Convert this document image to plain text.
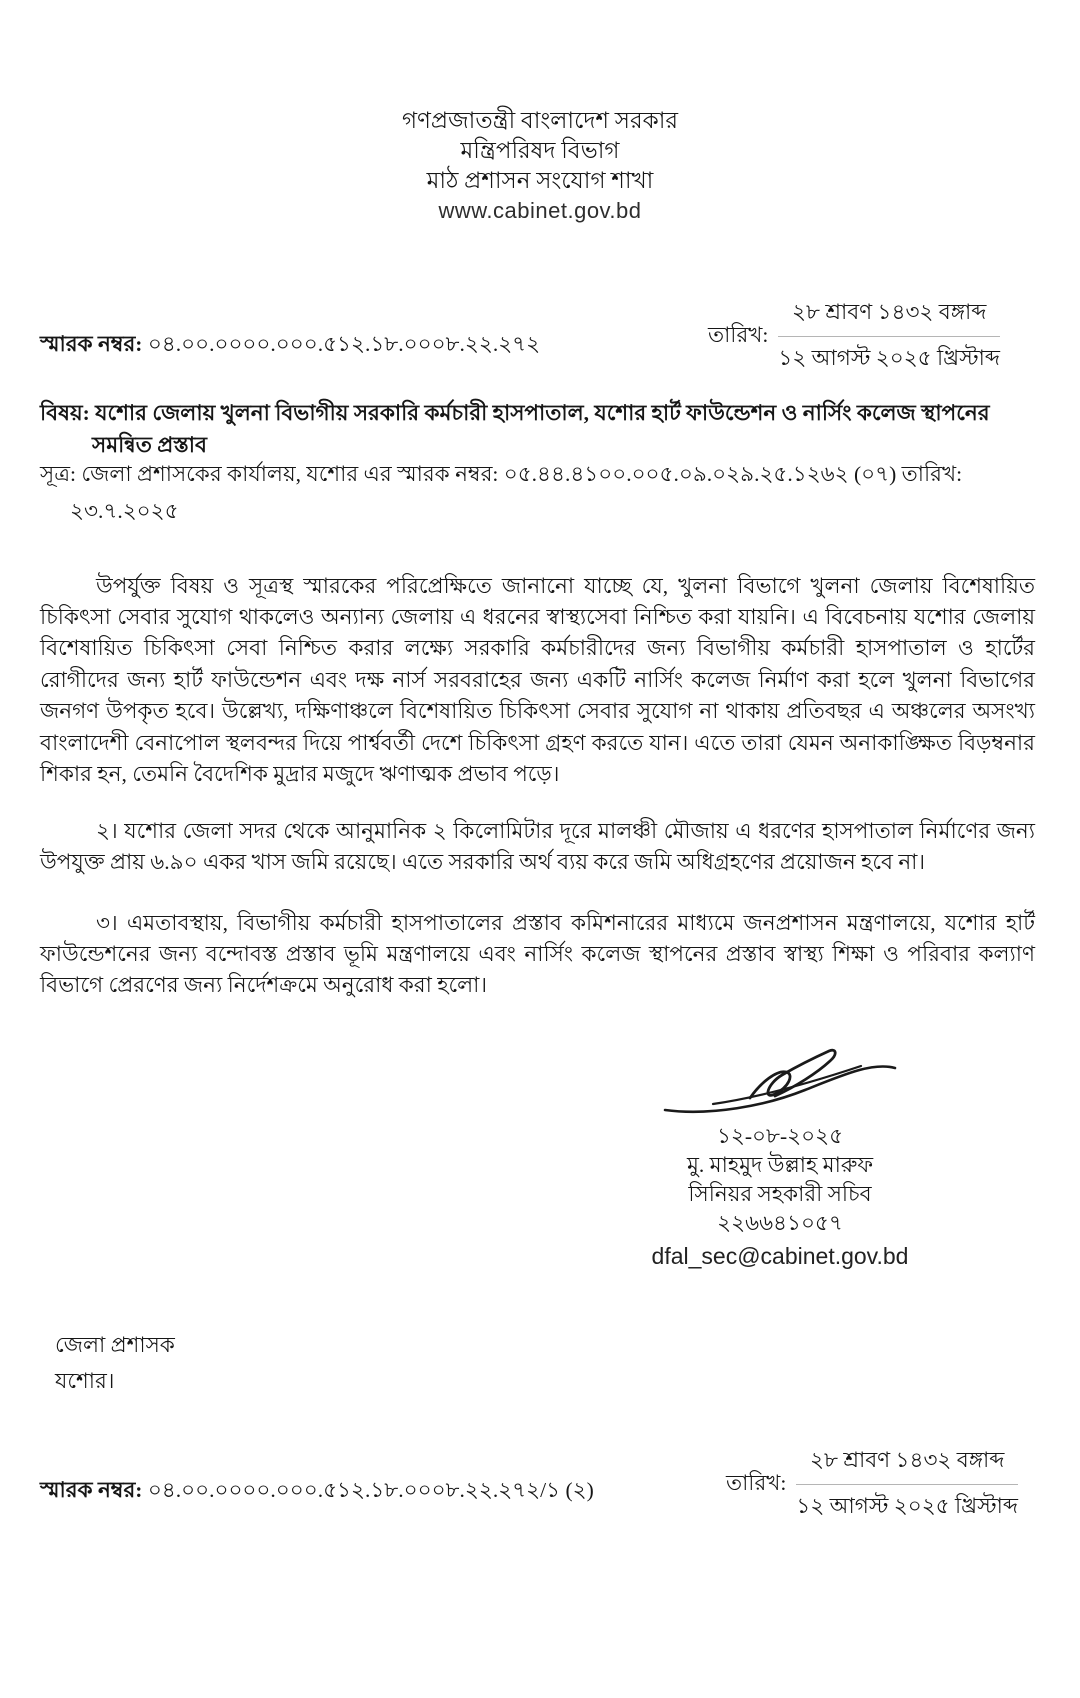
গণপ্রজাতন্ত্রী বাংলাদেশ সরকার
মন্ত্রিপরিষদ বিভাগ
মাঠ প্রশাসন সংযোগ শাখা
www.cabinet.gov.bd
তারিখ: $\frac{\text{২৮ শ্রাবণ ১৪৩২ বঙ্গাব্দ}}{\text{১২ আগস্ট ২০২৫ খ্রিস্টাব্দ}}$
স্মারক নম্বর: ০৪.০০.০০০০.০০০.৫১২.১৮.০০০৮.২২.২৭২
বিষয়: যশোর জেলায় খুলনা বিভাগীয় সরকারি কর্মচারী হাসপাতাল, যশোর হার্ট ফাউন্ডেশন ও নার্সিং কলেজ স্থাপনের সমন্বিত প্রস্তাব
সূত্র: জেলা প্রশাসকের কার্যালয়, যশোর এর স্মারক নম্বর: ০৫.৪৪.৪১০০.০০৫.০৯.০২৯.২৫.১২৬২ (০৭) তারিখ:
২৩.৭.২০২৫

উপর্যুক্ত বিষয় ও সূত্রস্থ স্মারকের পরিপ্রেক্ষিতে জানানো যাচ্ছে যে, খুলনা বিভাগে খুলনা জেলায় বিশেষায়িত চিকিৎসা সেবার সুযোগ থাকলেও অন্যান্য জেলায় এ ধরনের স্বাস্থ্যসেবা নিশ্চিত করা যায়নি। এ বিবেচনায় যশোর জেলায় বিশেষায়িত চিকিৎসা সেবা নিশ্চিত করার লক্ষ্যে সরকারি কর্মচারীদের জন্য বিভাগীয় কর্মচারী হাসপাতাল ও হার্টের রোগীদের জন্য হার্ট ফাউন্ডেশন এবং দক্ষ নার্স সরবরাহের জন্য একটি নার্সিং কলেজ নির্মাণ করা হলে খুলনা বিভাগের জনগণ উপকৃত হবে। উল্লেখ্য, দক্ষিণাঞ্চলে বিশেষায়িত চিকিৎসা সেবার সুযোগ না থাকায় প্রতিবছর এ অঞ্চলের অসংখ্য বাংলাদেশী বেনাপোল স্থলবন্দর দিয়ে পার্শ্ববর্তী দেশে চিকিৎসা গ্রহণ করতে যান। এতে তারা যেমন অনাকাঙ্ক্ষিত বিড়ম্বনার শিকার হন, তেমনি বৈদেশিক মুদ্রার মজুদে ঋণাত্মক প্রভাব পড়ে।

২। যশোর জেলা সদর থেকে আনুমানিক ২ কিলোমিটার দূরে মালঞ্চী মৌজায় এ ধরণের হাসপাতাল নির্মাণের জন্য উপযুক্ত প্রায় ৬.৯০ একর খাস জমি রয়েছে। এতে সরকারি অর্থ ব্যয় করে জমি অধিগ্রহণের প্রয়োজন হবে না।

৩। এমতাবস্থায়, বিভাগীয় কর্মচারী হাসপাতালের প্রস্তাব কমিশনারের মাধ্যমে জনপ্রশাসন মন্ত্রণালয়ে, যশোর হার্ট ফাউন্ডেশনের জন্য বন্দোবস্ত প্রস্তাব ভূমি মন্ত্রণালয়ে এবং নার্সিং কলেজ স্থাপনের প্রস্তাব স্বাস্থ্য শিক্ষা ও পরিবার কল্যাণ বিভাগে প্রেরণের জন্য নির্দেশক্রমে অনুরোধ করা হলো।

১২-০৮-২০২৫
মু. মাহমুদ উল্লাহ মারুফ
সিনিয়র সহকারী সচিব
২২৬৬৪১০৫৭
dfal_sec@cabinet.gov.bd
জেলা প্রশাসক
যশোর।
স্মারক নম্বর: ০৪.০০.০০০০.০০০.৫১২.১৮.০০০৮.২২.২৭২/১ (২)	তারিখ: $\frac{\text{২৮ শ্রাবণ ১৪৩২ বঙ্গাব্দ}}{\text{১২ আগস্ট ২০২৫ খ্রিস্টাব্দ}}$
